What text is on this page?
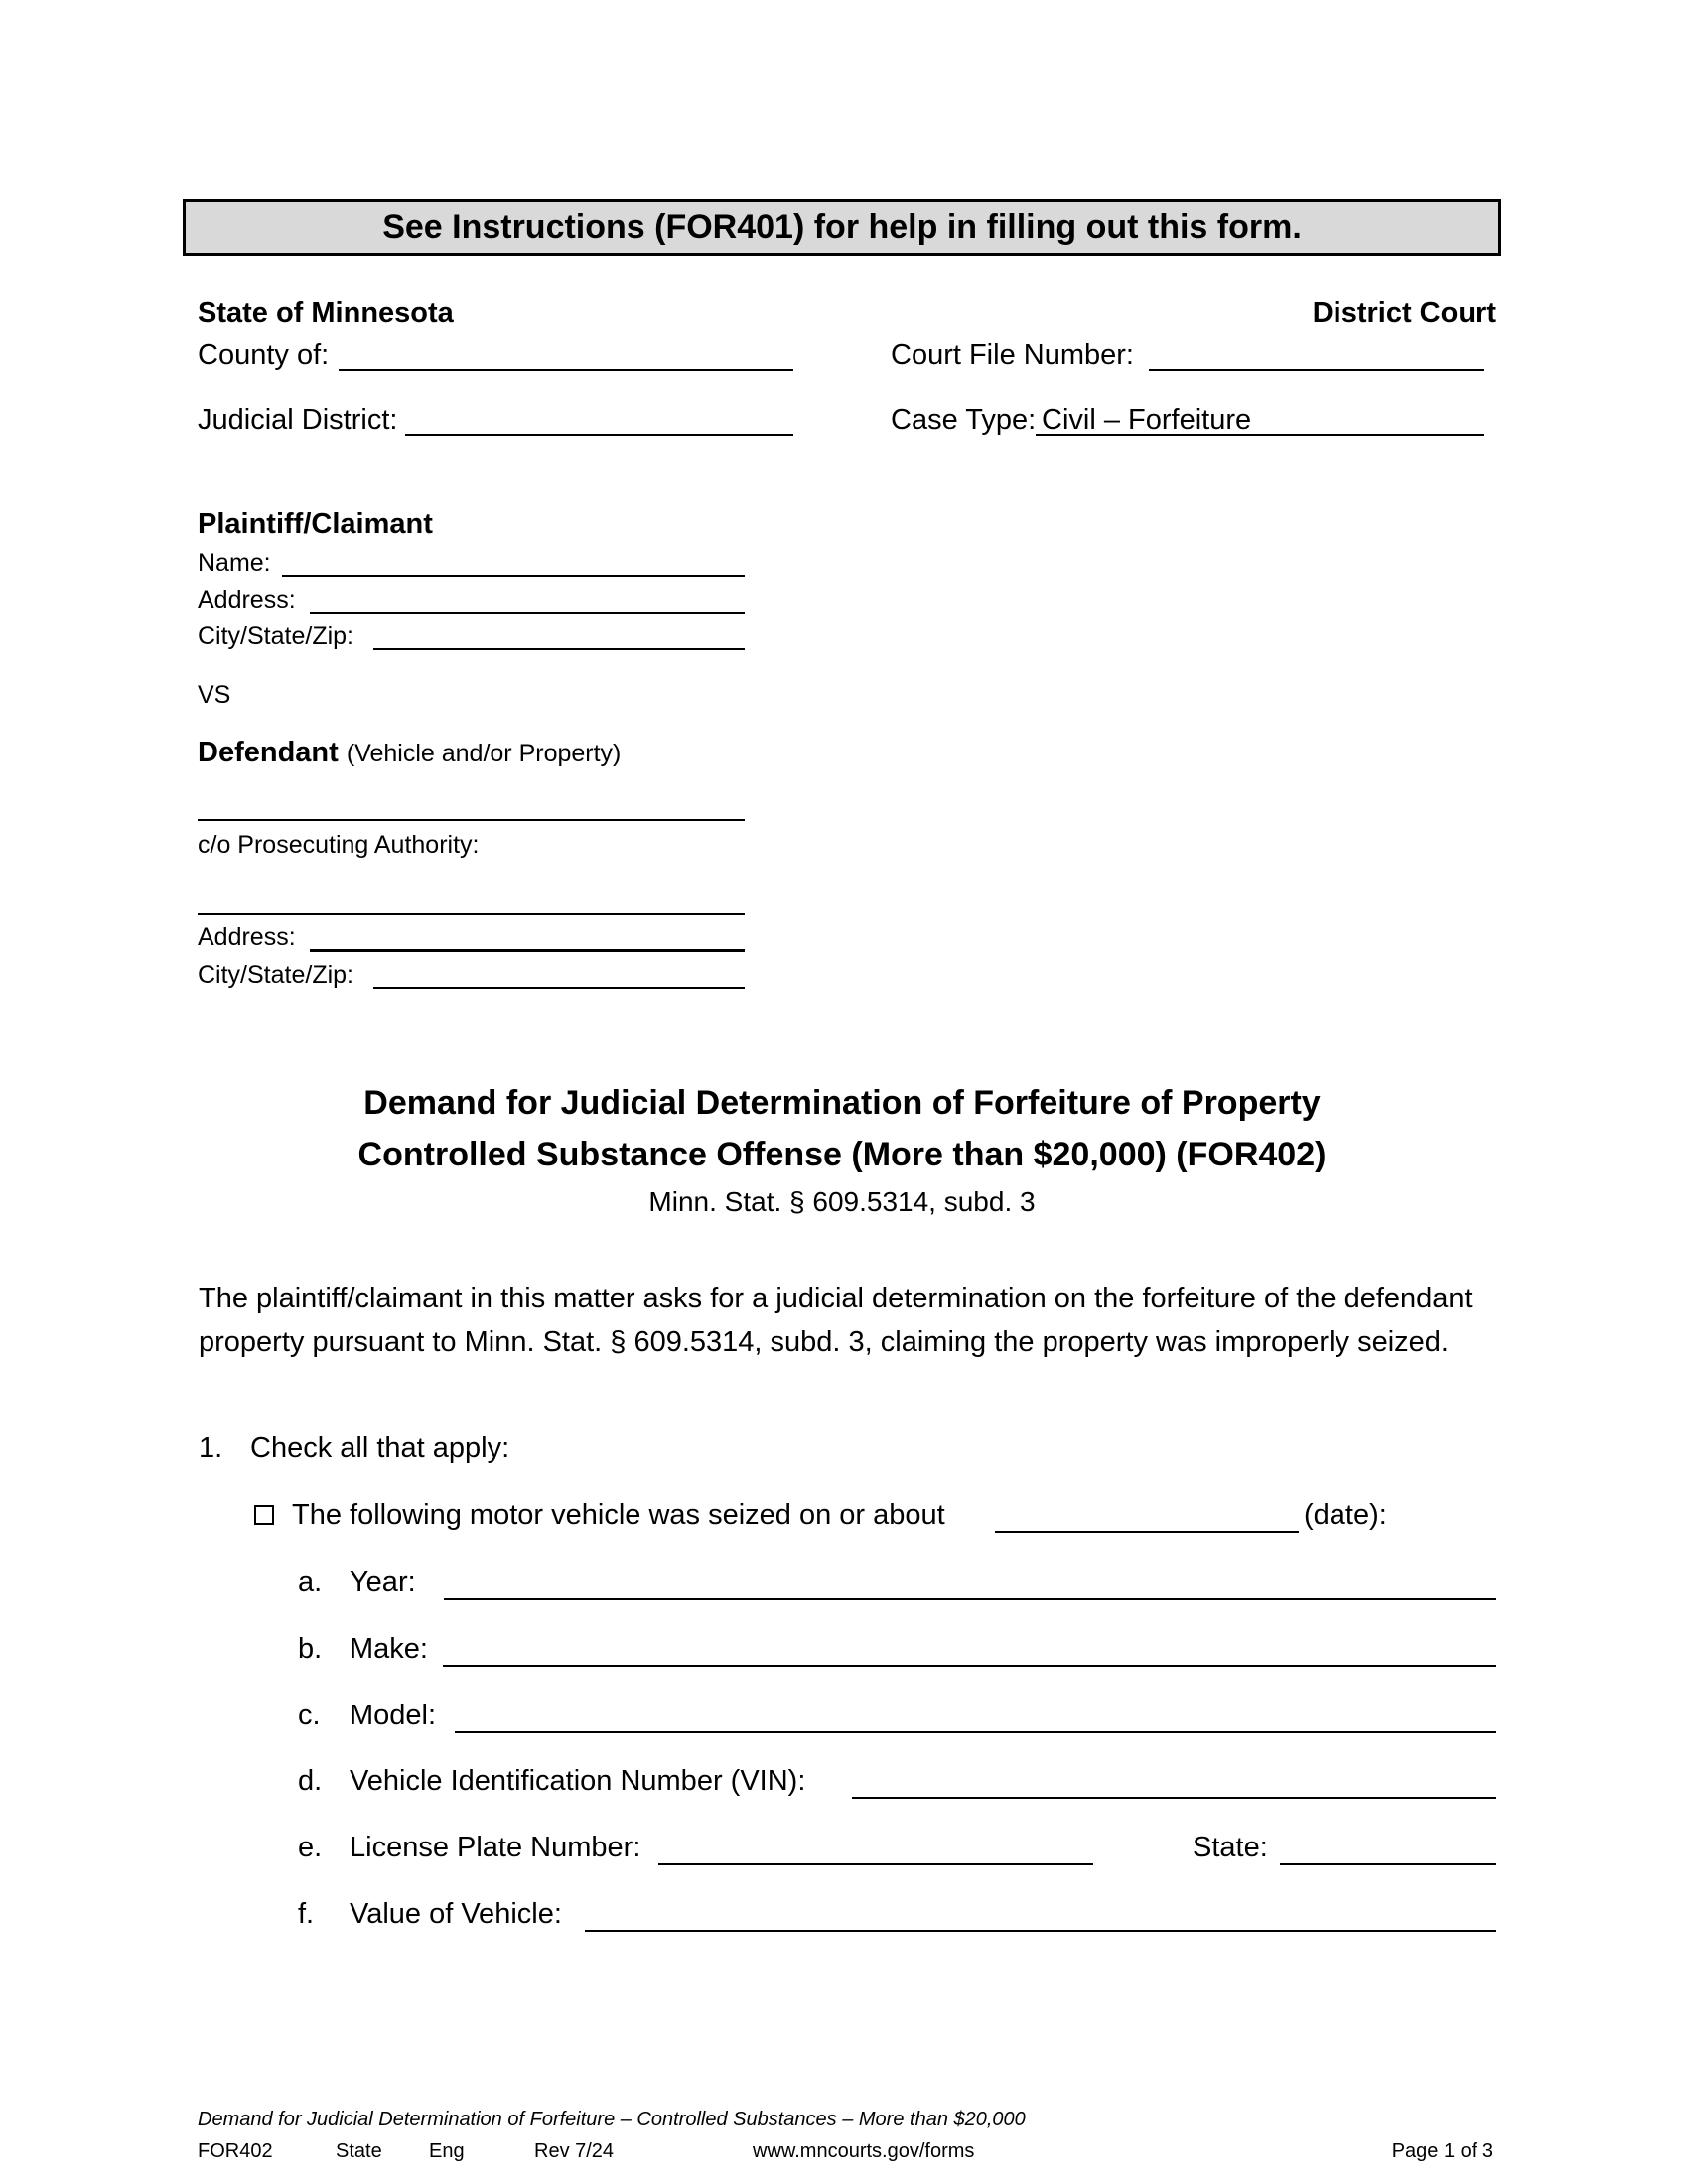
See Instructions (FOR401) for help in filling out this form.
State of Minnesota	District Court
County of:	Court File Number:
Judicial District:	Case Type: Civil – Forfeiture
Plaintiff/Claimant
Name:
Address:
City/State/Zip:
VS
Defendant (Vehicle and/or Property)
c/o Prosecuting Authority:
Address:
City/State/Zip:
Demand for Judicial Determination of Forfeiture of Property
Controlled Substance Offense (More than $20,000) (FOR402)
Minn. Stat. § 609.5314, subd. 3
The plaintiff/claimant in this matter asks for a judicial determination on the forfeiture of the defendant property pursuant to Minn. Stat. § 609.5314, subd. 3, claiming the property was improperly seized.
1. Check all that apply:
The following motor vehicle was seized on or about	(date):
a. Year:
b. Make:
c. Model:
d. Vehicle Identification Number (VIN):
e. License Plate Number:	State:
f. Value of Vehicle:
Demand for Judicial Determination of Forfeiture – Controlled Substances – More than $20,000
FOR402	State Eng	Rev 7/24	www.mncourts.gov/forms	Page 1 of 3
